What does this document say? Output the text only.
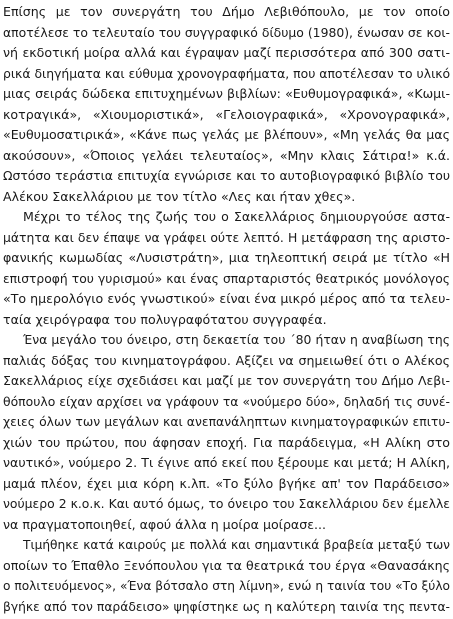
Επίσης με τον συνεργάτη του Δήμο Λεβιθόπουλο, με τον οποίο
αποτέλεσε το τελευταίο του συγγραφικό δίδυμο (1980), ένωσαν σε κοι-
νή εκδοτική μοίρα αλλά και έγραψαν μαζί περισσότερα από 300 σατι-
ρικά διηγήματα και εύθυμα χρονογραφήματα, που αποτέλεσαν το υλικό
μιας σειράς δώδεκα επιτυχημένων βιβλίων: «Ευθυμογραφικά», «Κωμι-
κοτραγικά», «Χιουμοριστικά», «Γελοιογραφικά», «Χρονογραφικά»,
«Ευθυμοσατιρικά», «Κάνε πως γελάς με βλέπουν», «Μη γελάς θα μας
ακούσουν», «Όποιος γελάει τελευταίος», «Μην κλαις Σάτιρα!» κ.ά.
Ωστόσο τεράστια επιτυχία εγνώρισε και το αυτοβιογραφικό βιβλίο του
Αλέκου Σακελλάριου με τον τίτλο «Λες και ήταν χθες».
Μέχρι το τέλος της ζωής του ο Σακελλάριος δημιουργούσε αστα-
μάτητα και δεν έπαψε να γράφει ούτε λεπτό. Η μετάφραση της αριστο-
φανικής κωμωδίας «Λυσιστράτη», μια τηλεοπτική σειρά με τίτλο «Η
επιστροφή του γυρισμού» και ένας σπαρταριστός θεατρικός μονόλογος
«Το ημερολόγιο ενός γνωστικού» είναι ένα μικρό μέρος από τα τελευ-
ταία χειρόγραφα του πολυγραφότατου συγγραφέα.
Ένα μεγάλο του όνειρο, στη δεκαετία του ΄80 ήταν η αναβίωση της
παλιάς δόξας του κινηματογράφου. Αξίζει να σημειωθεί ότι ο Αλέκος
Σακελλάριος είχε σχεδιάσει και μαζί με τον συνεργάτη του Δήμο Λεβι-
θόπουλο είχαν αρχίσει να γράφουν τα «νούμερο δύο», δηλαδή τις συνέ-
χειες όλων των μεγάλων και ανεπανάληπτων κινηματογραφικών επιτυ-
χιών του πρώτου, που άφησαν εποχή. Για παράδειγμα, «Η Αλίκη στο
ναυτικό», νούμερο 2. Τι έγινε από εκεί που ξέρουμε και μετά; Η Αλίκη,
μαμά πλέον, έχει μια κόρη κ.λπ. «Το ξύλο βγήκε απ' τον Παράδεισο»
νούμερο 2 κ.ο.κ. Και αυτό όμως, το όνειρο του Σακελλάριου δεν έμελλε
να πραγματοποιηθεί, αφού άλλα η μοίρα μοίρασε...
Τιμήθηκε κατά καιρούς με πολλά και σημαντικά βραβεία μεταξύ των
οποίων το Έπαθλο Ξενόπουλου για τα θεατρικά του έργα «Θανασάκης
ο πολιτευόμενος», «Ένα βότσαλο στη λίμνη», ενώ η ταινία του «Το ξύλο
βγήκε από τον παράδεισο» ψηφίστηκε ως η καλύτερη ταινία της πεντα-
